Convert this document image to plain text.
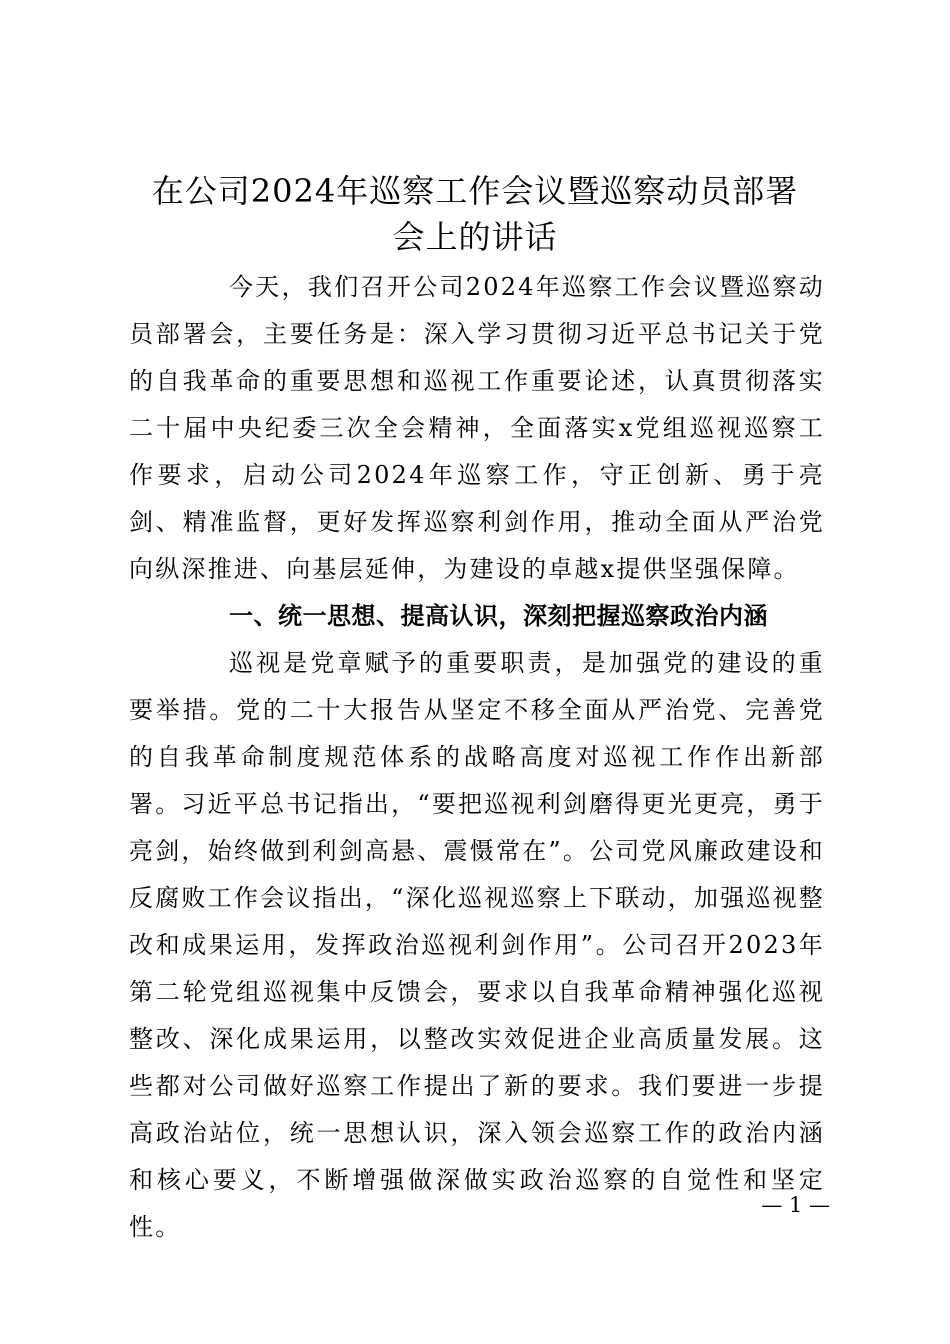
在公司2024年巡察工作会议暨巡察动员部署
会上的讲话

今天，我们召开公司2024年巡察工作会议暨巡察动员部署会，主要任务是：深入学习贯彻习近平总书记关于党的自我革命的重要思想和巡视工作重要论述，认真贯彻落实二十届中央纪委三次全会精神，全面落实x党组巡视巡察工作要求，启动公司2024年巡察工作，守正创新、勇于亮剑、精准监督，更好发挥巡察利剑作用，推动全面从严治党向纵深推进、向基层延伸，为建设的卓越x提供坚强保障。

一、统一思想、提高认识，深刻把握巡察政治内涵

巡视是党章赋予的重要职责，是加强党的建设的重要举措。党的二十大报告从坚定不移全面从严治党、完善党的自我革命制度规范体系的战略高度对巡视工作作出新部署。习近平总书记指出，“要把巡视利剑磨得更光更亮，勇于亮剑，始终做到利剑高悬、震慑常在”。公司党风廉政建设和反腐败工作会议指出，“深化巡视巡察上下联动，加强巡视整改和成果运用，发挥政治巡视利剑作用”。公司召开2023年第二轮党组巡视集中反馈会，要求以自我革命精神强化巡视整改、深化成果运用，以整改实效促进企业高质量发展。这些都对公司做好巡察工作提出了新的要求。我们要进一步提高政治站位，统一思想认识，深入领会巡察工作的政治内涵和核心要义，不断增强做深做实政治巡察的自觉性和坚定性。

— 1 —
